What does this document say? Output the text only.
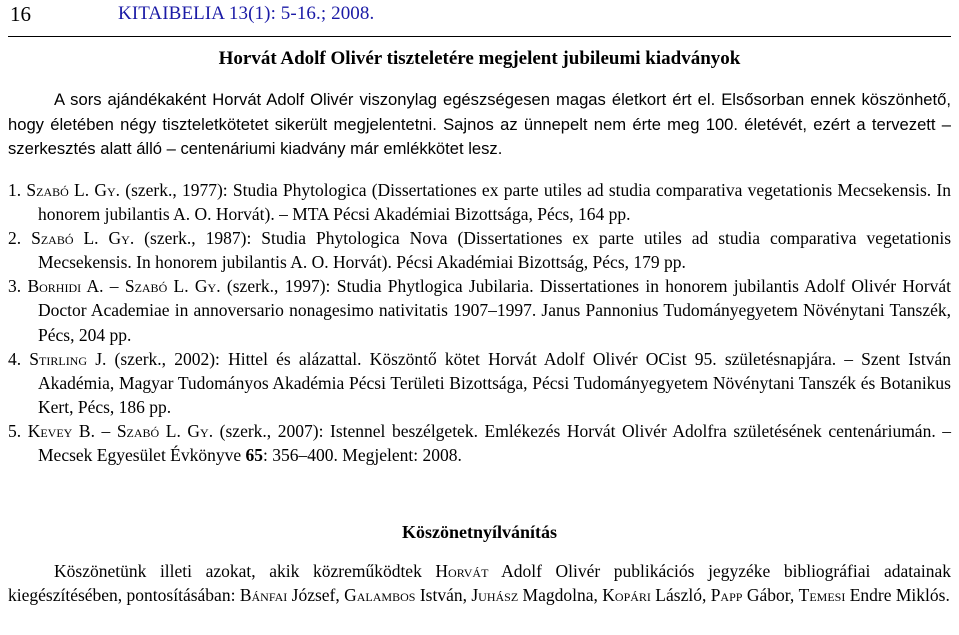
16	KITAIBELIA 13(1): 5-16.; 2008.
Horvát Adolf Olivér tiszteletére megjelent jubileumi kiadványok

A sors ajándékaként Horvát Adolf Olivér viszonylag egészségesen magas életkort ért el. Elsősorban ennek köszönhető, hogy életében négy tiszteletkötetet sikerült megjelentetni. Sajnos az ünnepelt nem érte meg 100. életévét, ezért a tervezett – szerkesztés alatt álló – centenáriumi kiadvány már emlékkötet lesz.

1. Szabó L. Gy. (szerk., 1977): Studia Phytologica (Dissertationes ex parte utiles ad studia comparativa vegetationis Mecsekensis. In honorem jubilantis A. O. Horvát). – MTA Pécsi Akadémiai Bizottsága, Pécs, 164 pp.

2. Szabó L. Gy. (szerk., 1987): Studia Phytologica Nova (Dissertationes ex parte utiles ad studia comparativa vegetationis Mecsekensis. In honorem jubilantis A. O. Horvát). Pécsi Akadémiai Bizottság, Pécs, 179 pp.

3. Borhidi A. – Szabó L. Gy. (szerk., 1997): Studia Phytlogica Jubilaria. Dissertationes in honorem jubilantis Adolf Olivér Horvát Doctor Academiae in annoversario nonagesimo nativitatis 1907–1997. Janus Pannonius Tudományegyetem Növénytani Tanszék, Pécs, 204 pp.

4. Stirling J. (szerk., 2002): Hittel és alázattal. Köszöntő kötet Horvát Adolf Olivér OCist 95. születésnapjára. – Szent István Akadémia, Magyar Tudományos Akadémia Pécsi Területi Bizottsága, Pécsi Tudományegyetem Növénytani Tanszék és Botanikus Kert, Pécs, 186 pp.

5. Kevey B. – Szabó L. Gy. (szerk., 2007): Istennel beszélgetek. Emlékezés Horvát Olivér Adolfra születésének centenáriumán. – Mecsek Egyesület Évkönyve 65: 356–400. Megjelent: 2008.

Köszönetnyílvánítás

Köszönetünk illeti azokat, akik közreműködtek Horvát Adolf Olivér publikációs jegyzéke bibliográfiai adatainak kiegészítésében, pontosításában: Bánfai József, Galambos István, Juhász Magdolna, Kopári László, Papp Gábor, Temesi Endre Miklós.
